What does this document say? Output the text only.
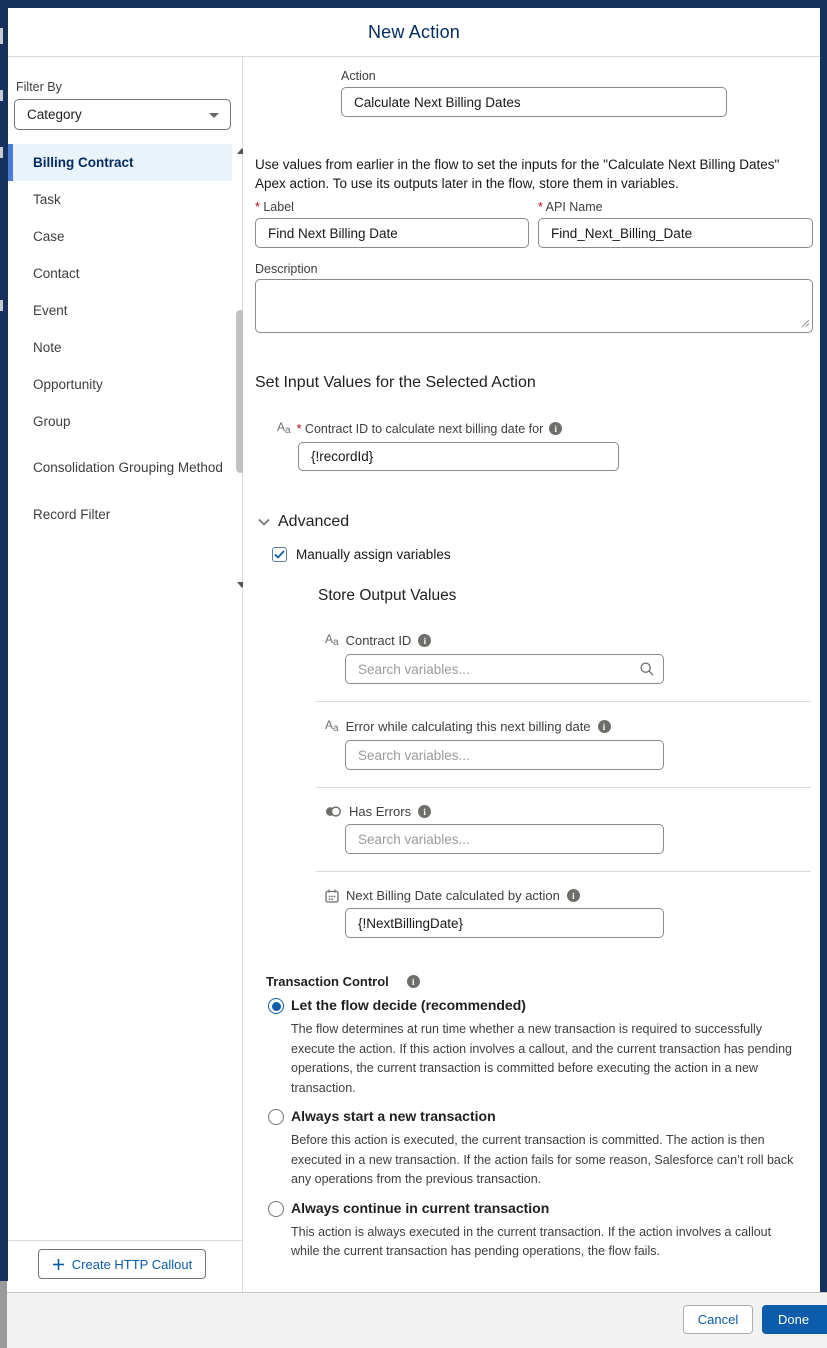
New Action
Filter By
Category
Billing Contract
Task
Case
Contact
Event
Note
Opportunity
Group
Consolidation Grouping Method
Record Filter
Create HTTP Callout
Action
Calculate Next Billing Dates

Use values from earlier in the flow to set the inputs for the "Calculate Next Billing Dates" Apex action. To use its outputs later in the flow, store them in variables.

* Label
Find Next Billing Date	* API Name
Find_Next_Billing_Date
Description
Set Input Values for the Selected Action
A a
* Contract ID to calculate next billing date for
i
{!recordId}
Advanced
Manually assign variables
Store Output Values
A a
Contract ID
i
Search variables...
A a
Error while calculating this next billing date
i
Search variables...
Has Errors
i
Search variables...
Next Billing Date calculated by action
i
{!NextBillingDate}
Transaction Control
i
Let the flow decide (recommended)
The flow determines at run time whether a new transaction is required to successfully execute the action. If this action involves a callout, and the current transaction has pending operations, the current transaction is committed before executing the action in a new transaction.
Always start a new transaction
Before this action is executed, the current transaction is committed. The action is then executed in a new transaction. If the action fails for some reason, Salesforce can’t roll back any operations from the previous transaction.
Always continue in current transaction
This action is always executed in the current transaction. If the action involves a callout while the current transaction has pending operations, the flow fails.
Cancel	Done
